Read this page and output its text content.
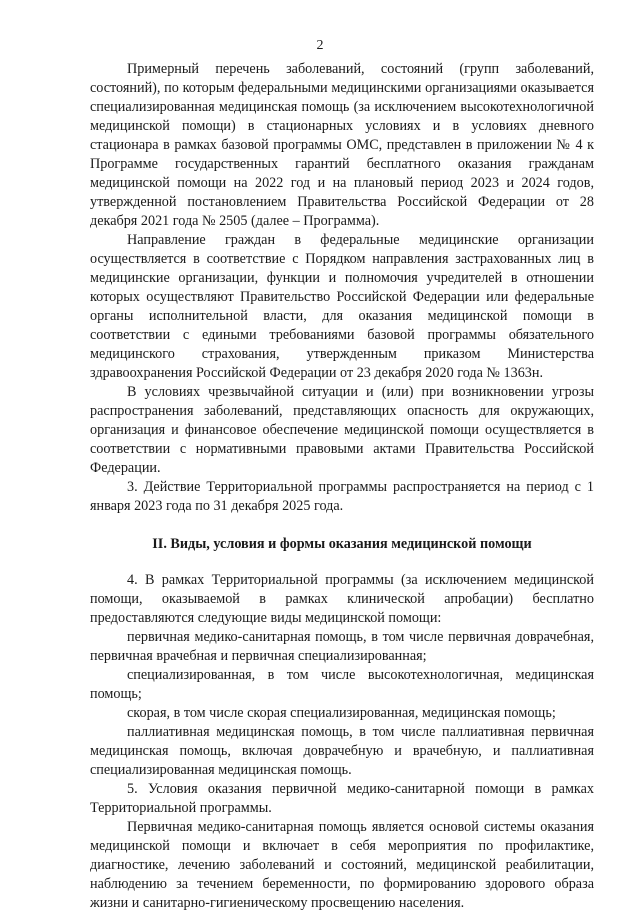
2

Примерный перечень заболеваний, состояний (групп заболеваний, состояний), по которым федеральными медицинскими организациями оказывается специализированная медицинская помощь (за исключением высокотехнологичной медицинской помощи) в стационарных условиях и в условиях дневного стационара в рамках базовой программы ОМС, представлен в приложении № 4 к Программе государственных гарантий бесплатного оказания гражданам медицинской помощи на 2022 год и на плановый период 2023 и 2024 годов, утвержденной постановлением Правительства Российской Федерации от 28 декабря 2021 года № 2505 (далее – Программа).

Направление граждан в федеральные медицинские организации осуществляется в соответствие с Порядком направления застрахованных лиц в медицинские организации, функции и полномочия учредителей в отношении которых осуществляют Правительство Российской Федерации или федеральные органы исполнительной власти, для оказания медицинской помощи в соответствии с едиными требованиями базовой программы обязательного медицинского страхования, утвержденным приказом Министерства здравоохранения Российской Федерации от 23 декабря 2020 года № 1363н.

В условиях чрезвычайной ситуации и (или) при возникновении угрозы распространения заболеваний, представляющих опасность для окружающих, организация и финансовое обеспечение медицинской помощи осуществляется в соответствии с нормативными правовыми актами Правительства Российской Федерации.

3. Действие Территориальной программы распространяется на период с 1 января 2023 года по 31 декабря 2025 года.

II. Виды, условия и формы оказания медицинской помощи

4. В рамках Территориальной программы (за исключением медицинской помощи, оказываемой в рамках клинической апробации) бесплатно предоставляются следующие виды медицинской помощи:

первичная медико-санитарная помощь, в том числе первичная доврачебная, первичная врачебная и первичная специализированная;

специализированная, в том числе высокотехнологичная, медицинская помощь;

скорая, в том числе скорая специализированная, медицинская помощь;

паллиативная медицинская помощь, в том числе паллиативная первичная медицинская помощь, включая доврачебную и врачебную, и паллиативная специализированная медицинская помощь.

5. Условия оказания первичной медико-санитарной помощи в рамках Территориальной программы.

Первичная медико-санитарная помощь является основой системы оказания медицинской помощи и включает в себя мероприятия по профилактике, диагностике, лечению заболеваний и состояний, медицинской реабилитации, наблюдению за течением беременности, по формированию здорового образа жизни и санитарно-гигиеническому просвещению населения.
